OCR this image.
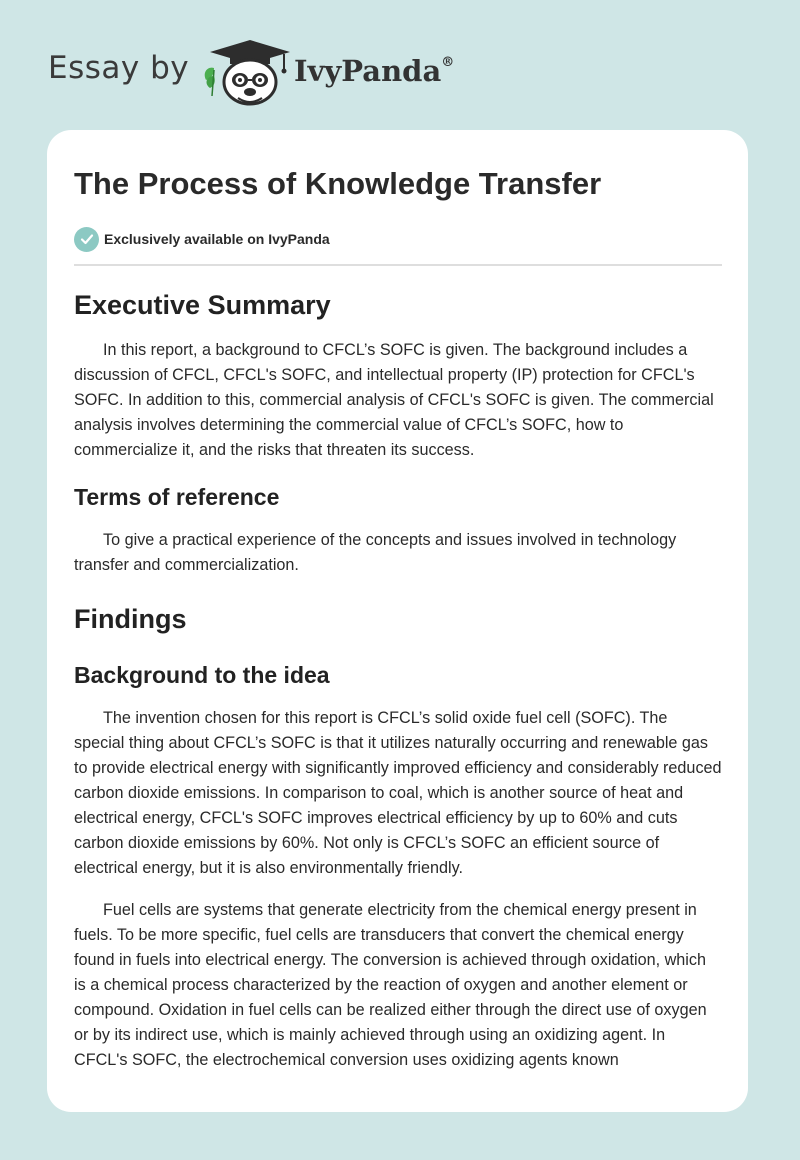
Essay by	IvyPanda®
The Process of Knowledge Transfer
Exclusively available on IvyPanda
Executive Summary

In this report, a background to CFCL’s SOFC is given. The background includes a discussion of CFCL, CFCL's SOFC, and intellectual property (IP) protection for CFCL's SOFC. In addition to this, commercial analysis of CFCL's SOFC is given. The commercial analysis involves determining the commercial value of CFCL’s SOFC, how to commercialize it, and the risks that threaten its success.

Terms of reference

To give a practical experience of the concepts and issues involved in technology transfer and commercialization.

Findings
Background to the idea

The invention chosen for this report is CFCL’s solid oxide fuel cell (SOFC). The special thing about CFCL’s SOFC is that it utilizes naturally occurring and renewable gas to provide electrical energy with significantly improved efficiency and considerably reduced carbon dioxide emissions. In comparison to coal, which is another source of heat and electrical energy, CFCL's SOFC improves electrical efficiency by up to 60% and cuts carbon dioxide emissions by 60%. Not only is CFCL’s SOFC an efficient source of electrical energy, but it is also environmentally friendly.

Fuel cells are systems that generate electricity from the chemical energy present in fuels. To be more specific, fuel cells are transducers that convert the chemical energy found in fuels into electrical energy. The conversion is achieved through oxidation, which is a chemical process characterized by the reaction of oxygen and another element or compound. Oxidation in fuel cells can be realized either through the direct use of oxygen or by its indirect use, which is mainly achieved through using an oxidizing agent. In CFCL's SOFC, the electrochemical conversion uses oxidizing agents known
